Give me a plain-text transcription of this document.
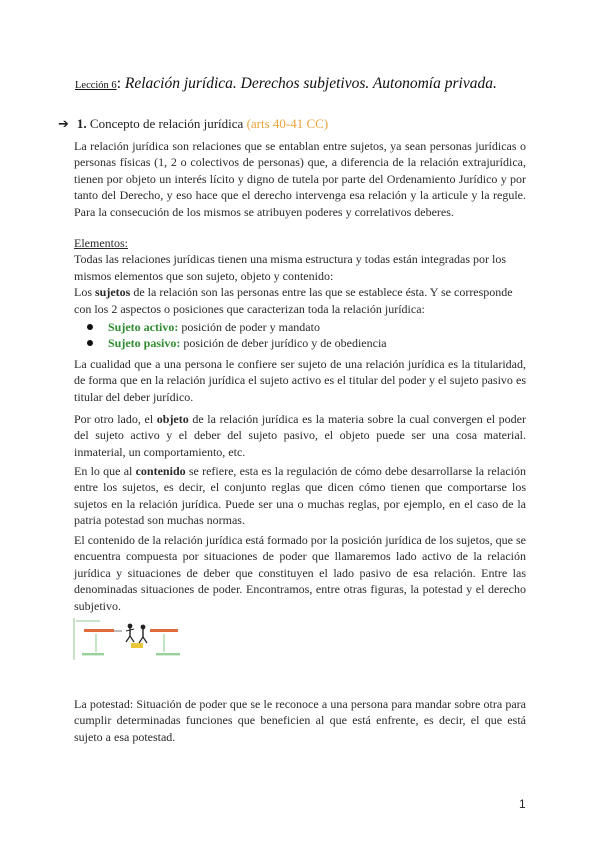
Lección 6: Relación jurídica. Derechos subjetivos. Autonomía privada.
➔ 1. Concepto de relación jurídica (arts 40-41 CC)
La relación jurídica son relaciones que se entablan entre sujetos, ya sean personas jurídicas o personas físicas (1, 2 o colectivos de personas) que, a diferencia de la relación extrajurídica, tienen por objeto un interés lícito y digno de tutela por parte del Ordenamiento Jurídico y por tanto del Derecho, y eso hace que el derecho intervenga esa relación y la articule y la regule. Para la consecución de los mismos se atribuyen poderes y correlativos deberes.
Elementos:
Todas las relaciones jurídicas tienen una misma estructura y todas están integradas por los mismos elementos que son sujeto, objeto y contenido:
Los sujetos de la relación son las personas entre las que se establece ésta. Y se corresponde con los 2 aspectos o posiciones que caracterizan toda la relación jurídica:
Sujeto activo: posición de poder y mandato
Sujeto pasivo: posición de deber jurídico y de obediencia
La cualidad que a una persona le confiere ser sujeto de una relación jurídica es la titularidad, de forma que en la relación jurídica el sujeto activo es el titular del poder y el sujeto pasivo es titular del deber jurídico.
Por otro lado, el objeto de la relación jurídica es la materia sobre la cual convergen el poder del sujeto activo y el deber del sujeto pasivo, el objeto puede ser una cosa material. inmaterial, un comportamiento, etc.
En lo que al contenido se refiere, esta es la regulación de cómo debe desarrollarse la relación entre los sujetos, es decir, el conjunto reglas que dicen cómo tienen que comportarse los sujetos en la relación jurídica. Puede ser una o muchas reglas, por ejemplo, en el caso de la patria potestad son muchas normas.
El contenido de la relación jurídica está formado por la posición jurídica de los sujetos, que se encuentra compuesta por situaciones de poder que llamaremos lado activo de la relación jurídica y situaciones de deber que constituyen el lado pasivo de esa relación. Entre las denominadas situaciones de poder. Encontramos, entre otras figuras, la potestad y el derecho subjetivo.
La potestad: Situación de poder que se le reconoce a una persona para mandar sobre otra para cumplir determinadas funciones que beneficien al que está enfrente, es decir, el que está sujeto a esa potestad.
1
